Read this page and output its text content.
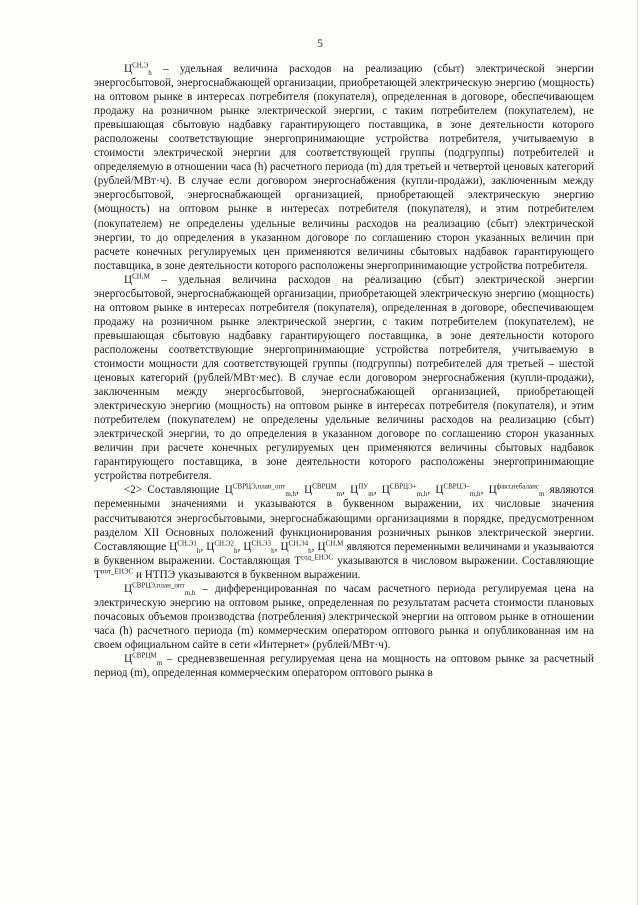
5

$Ц^{СН,Э}_h$ – удельная величина расходов на реализацию (сбыт) электрической энергии энергосбытовой, энергоснабжающей организации, приобретающей электрическую энергию (мощность) на оптовом рынке в интересах потребителя (покупателя), определенная в договоре, обеспечивающем продажу на розничном рынке электрической энергии, с таким потребителем (покупателем), не превышающая сбытовую надбавку гарантирующего поставщика, в зоне деятельности которого расположены соответствующие энергопринимающие устройства потребителя, учитываемую в стоимости электрической энергии для соответствующей группы (подгруппы) потребителей и определяемую в отношении часа (h) расчетного периода (m) для третьей и четвертой ценовых категорий (рублей/МВт·ч). В случае если договором энергоснабжения (купли-продажи), заключенным между энергосбытовой, энергоснабжающей организацией, приобретающей электрическую энергию (мощность) на оптовом рынке в интересах потребителя (покупателя), и этим потребителем (покупателем) не определены удельные величины расходов на реализацию (сбыт) электрической энергии, то до определения в указанном договоре по соглашению сторон указанных величин при расчете конечных регулируемых цен применяются величины сбытовых надбавок гарантирующего поставщика, в зоне деятельности которого расположены энергопринимающие устройства потребителя.

$Ц^{СН,М}$ – удельная величина расходов на реализацию (сбыт) электрической энергии энергосбытовой, энергоснабжающей организации, приобретающей электрическую энергию (мощность) на оптовом рынке в интересах потребителя (покупателя), определенная в договоре, обеспечивающем продажу на розничном рынке электрической энергии, с таким потребителем (покупателем), не превышающая сбытовую надбавку гарантирующего поставщика, в зоне деятельности которого расположены соответствующие энергопринимающие устройства потребителя, учитываемую в стоимости мощности для соответствующей группы (подгруппы) потребителей для третьей – шестой ценовых категорий (рублей/МВт·мес). В случае если договором энергоснабжения (купли-продажи), заключенным между энергосбытовой, энергоснабжающей организацией, приобретающей электрическую энергию (мощность) на оптовом рынке в интересах потребителя (покупателя), и этим потребителем (покупателем) не определены удельные величины расходов на реализацию (сбыт) электрической энергии, то до определения в указанном договоре по соглашению сторон указанных величин при расчете конечных регулируемых цен применяются величины сбытовых надбавок гарантирующего поставщика, в зоне деятельности которого расположены энергопринимающие устройства потребителя.

<2> Составляющие $Ц^{СВРЦЭ,план\_опт}_{m,h}$, $Ц^{СВРЦМ}_m$, $Ц^{ПУ}_m$, $Ц^{СВРЦЭ+}_{m,h}$, $Ц^{СВРЦЭ-}_{m,h}$, $Ц^{факт,небаланс}_m$ являются переменными значениями и указываются в буквенном выражении, их числовые значения рассчитываются энергосбытовыми, энергоснабжающими организациями в порядке, предусмотренном разделом XII Основных положений функционирования розничных рынков электрической энергии. Составляющие $Ц^{СН,Э1}_h$, $Ц^{СН,Э2}_h$, $Ц^{СН,Э3}_h$, $Ц^{СН,Э4}_h$, $Ц^{СН,М}$ являются переменными величинами и указываются в буквенном выражении. Составляющая $Т^{сод\_ЕНЭС}$ указываются в числовом выражении. Составляющие $Т^{пот\_ЕНЭС}$ и НТПЭ указываются в буквенном выражении.

$Ц^{СВРЦЭ,план\_опт}_{m,h}$ – дифференцированная по часам расчетного периода регулируемая цена на электрическую энергию на оптовом рынке, определенная по результатам расчета стоимости плановых почасовых объемов производства (потребления) электрической энергии на оптовом рынке в отношении часа (h) расчетного периода (m) коммерческим оператором оптового рынка и опубликованная им на своем официальном сайте в сети «Интернет» (рублей/МВт·ч).

$Ц^{СВРЦМ}_m$ – средневзвешенная регулируемая цена на мощность на оптовом рынке за расчетный период (m), определенная коммерческим оператором оптового рынка в
